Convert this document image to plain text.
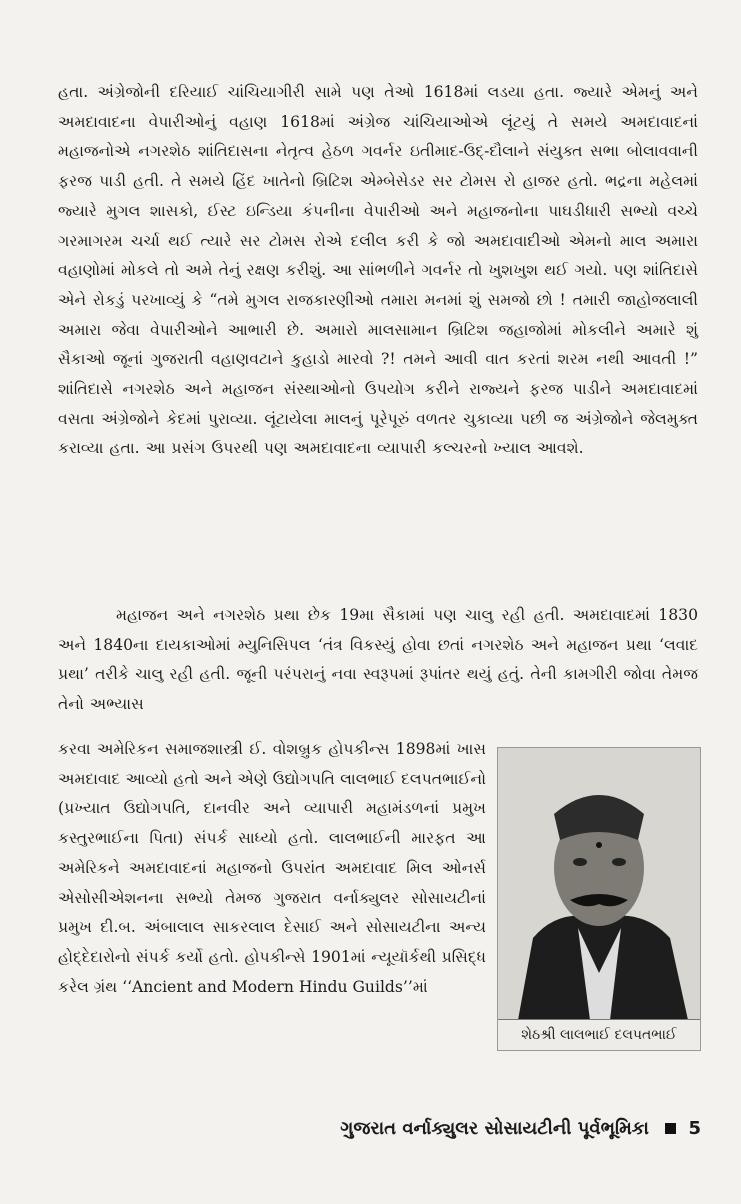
હતા. અંગ્રેજોની દરિયાઈ ચાંચિયાગીરી સામે પણ તેઓ 1618માં લડયા હતા. જ્યારે એમનું અને અમદાવાદના વેપારીઓનું વહાણ 1618માં અંગ્રેજ ચાંચિયાઓએ લૂંટયું તે સમયે અમદાવાદનાં મહાજનોએ નગરશેઠ શાંતિદાસના નેતૃત્વ હેઠળ ગવર્નર ઇતીમાદ-ઉદ્-દૌલાને સંયુક્ત સભા બોલાવવાની ફરજ પાડી હતી. તે સમયે હિંદ ખાતેનો બ્રિટિશ એમ્બેસેડર સર ટોમસ રો હાજર હતો. ભદ્રના મહેલમાં જ્યારે મુગલ શાસકો, ઈસ્ટ ઇન્ડિયા કંપનીના વેપારીઓ અને મહાજનોના પાઘડીધારી સભ્યો વચ્ચે ગરમાગરમ ચર્ચા થઈ ત્યારે સર ટોમસ રોએ દલીલ કરી કે જો અમદાવાદીઓ એમનો માલ અમારા વહાણોમાં મોકલે તો અમે તેનું રક્ષણ કરીશું. આ સાંભળીને ગવર્નર તો ખુશખુશ થઈ ગયો. પણ શાંતિદાસે એને રોકડું પરખાવ્યું કે “તમે મુગલ રાજકારણીઓ તમારા મનમાં શું સમજો છો ! તમારી જાહોજલાલી અમારા જેવા વેપારીઓને આભારી છે. અમારો માલસામાન બ્રિટિશ જહાજોમાં મોકલીને અમારે શું સૈકાઓ જૂનાં ગુજરાતી વહાણવટાને કુહાડો મારવો ?! તમને આવી વાત કરતાં શરમ નથી આવતી !” શાંતિદાસે નગરશેઠ અને મહાજન સંસ્થાઓનો ઉપયોગ કરીને રાજ્યને ફરજ પાડીને અમદાવાદમાં વસતા અંગ્રેજોને કેદમાં પુરાવ્યા. લૂંટાયેલા માલનું પૂરેપૂરું વળતર ચુકાવ્યા પછી જ અંગ્રેજોને જેલમુક્ત કરાવ્યા હતા. આ પ્રસંગ ઉપરથી પણ અમદાવાદના વ્યાપારી કલ્ચરનો ખ્યાલ આવશે.
મહાજન અને નગરશેઠ પ્રથા છેક 19મા સૈકામાં પણ ચાલુ રહી હતી. અમદાવાદમાં 1830 અને 1840ના દાયકાઓમાં મ્યુનિસિપલ ‘તંત્ર વિકસ્યું હોવા છતાં નગરશેઠ અને મહાજન પ્રથા ‘લવાદ પ્રથા’ તરીકે ચાલુ રહી હતી. જૂની પરંપરાનું નવા સ્વરૂપમાં રૂપાંતર થયું હતું. તેની કામગીરી જોવા તેમજ તેનો અભ્યાસ
કરવા અમેરિકન સમાજશાસ્ત્રી ઈ. વોશબ્રુક હોપકીન્સ 1898માં ખાસ અમદાવાદ આવ્યો હતો અને એણે ઉદ્યોગપતિ લાલભાઈ દલપતભાઈનો (પ્રખ્યાત ઉદ્યોગપતિ, દાનવીર અને વ્યાપારી મહામંડળનાં પ્રમુખ કસ્તુરભાઈના પિતા) સંપર્ક સાધ્યો હતો. લાલભાઈની મારફત આ અમેરિકને અમદાવાદનાં મહાજનો ઉપરાંત અમદાવાદ મિલ ઓનર્સ એસોસીએશનના સભ્યો તેમજ ગુજરાત વર્નાક્યુલર સોસાયટીનાં પ્રમુખ દી.બ. અંબાલાલ સાકરલાલ દેસાઈ અને સોસાયટીના અન્ય હોદ્દેદારોનો સંપર્ક કર્યો હતો. હોપકીન્સે 1901માં ન્યૂયૉર્કથી પ્રસિદ્ધ કરેલ ગ્રંથ ‘‘Ancient and Modern Hindu Guilds’’માં
શેઠશ્રી લાલભાઈ દલપતભાઈ
ગુજરાત વર્નાક્યુલર સોસાયટીની પૂર્વભૂમિકા 5
